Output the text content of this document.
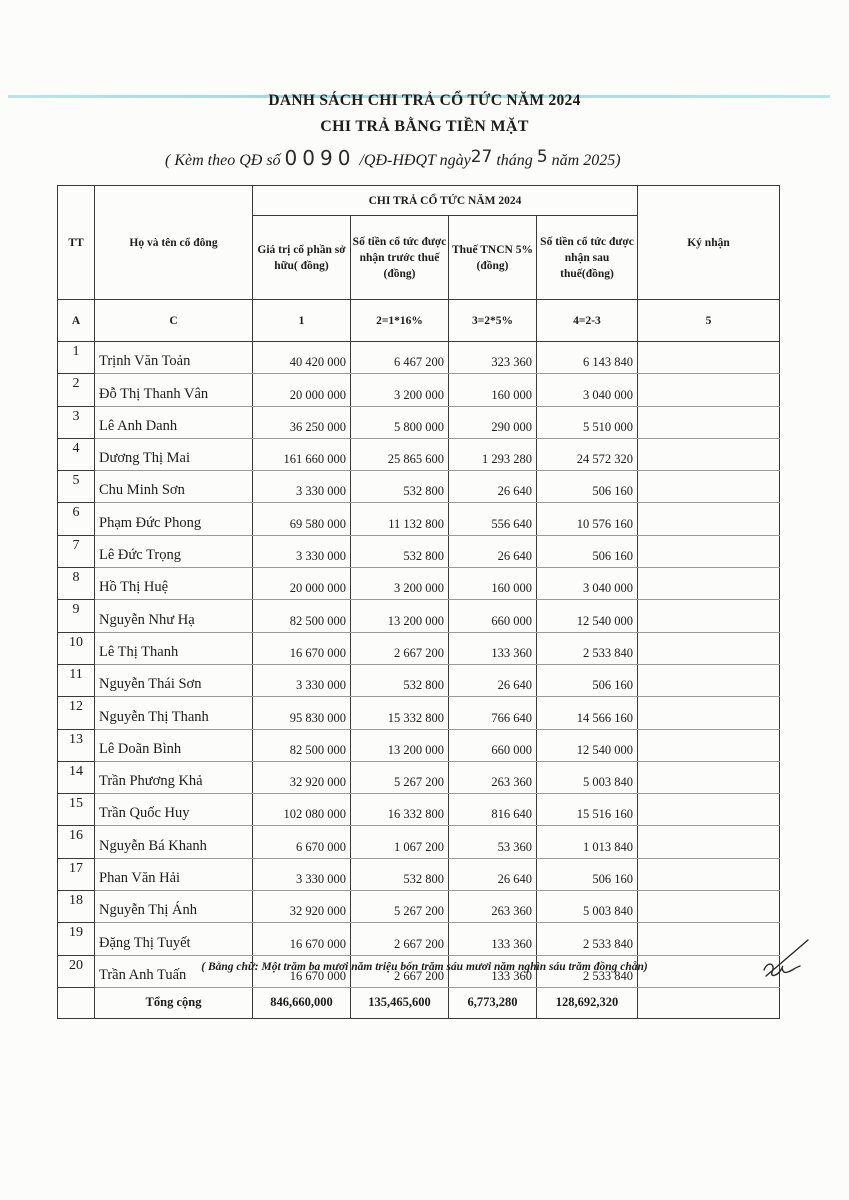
DANH SÁCH CHI TRẢ CỔ TỨC NĂM 2024
CHI TRẢ BẰNG TIỀN MẶT
( Kèm theo QĐ số 0090 /QĐ-HĐQT ngày27 tháng 5 năm 2025)
TT	Họ và tên cổ đông	CHI TRẢ CỔ TỨC NĂM 2024				Ký nhận
		Giá trị cổ phần sở hữu( đồng)	Số tiền cổ tức được nhận trước thuế (đồng)	Thuế TNCN 5%(đồng)	Số tiền cổ tức được nhận sau thuế(đồng)	
A	C	1	2=1*16%	3=2*5%	4=2-3	5
1	Trịnh Văn Toản	40 420 000	6 467 200	323 360	6 143 840	
2	Đỗ Thị Thanh Vân	20 000 000	3 200 000	160 000	3 040 000	
3	Lê Anh Danh	36 250 000	5 800 000	290 000	5 510 000	
4	Dương Thị Mai	161 660 000	25 865 600	1 293 280	24 572 320	
5	Chu Minh Sơn	3 330 000	532 800	26 640	506 160	
6	Phạm Đức Phong	69 580 000	11 132 800	556 640	10 576 160	
7	Lê Đức Trọng	3 330 000	532 800	26 640	506 160	
8	Hồ Thị Huệ	20 000 000	3 200 000	160 000	3 040 000	
9	Nguyễn Như Hạ	82 500 000	13 200 000	660 000	12 540 000	
10	Lê Thị Thanh	16 670 000	2 667 200	133 360	2 533 840	
11	Nguyễn Thái Sơn	3 330 000	532 800	26 640	506 160	
12	Nguyễn Thị Thanh	95 830 000	15 332 800	766 640	14 566 160	
13	Lê Doãn Bình	82 500 000	13 200 000	660 000	12 540 000	
14	Trần Phương Khả	32 920 000	5 267 200	263 360	5 003 840	
15	Trần Quốc Huy	102 080 000	16 332 800	816 640	15 516 160	
16	Nguyễn Bá Khanh	6 670 000	1 067 200	53 360	1 013 840	
17	Phan Văn Hải	3 330 000	532 800	26 640	506 160	
18	Nguyễn Thị Ánh	32 920 000	5 267 200	263 360	5 003 840	
19	Đặng Thị Tuyết	16 670 000	2 667 200	133 360	2 533 840	
20	Trần Anh Tuấn	16 670 000	2 667 200	133 360	2 533 840	
	Tổng cộng	846,660,000	135,465,600	6,773,280	128,692,320	
( Bằng chữ: Một trăm ba mươi năm triệu bốn trăm sáu mươi năm nghìn sáu trăm đồng chẵn)
